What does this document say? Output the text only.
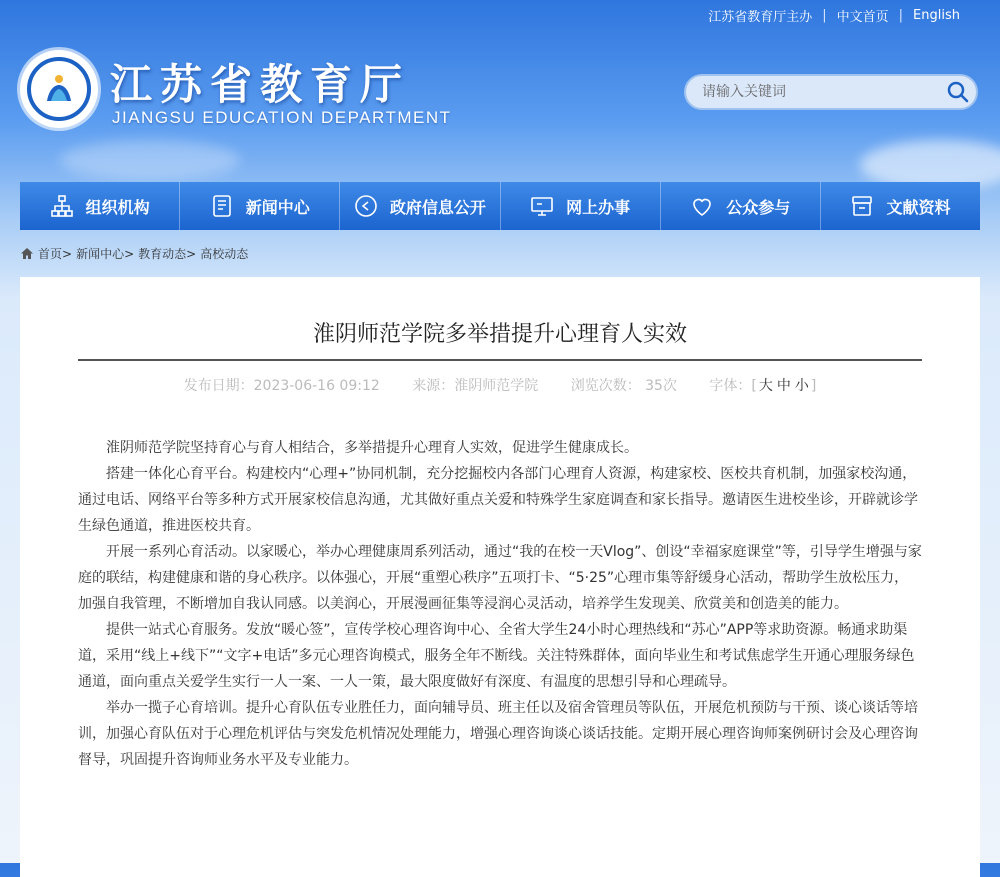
江苏省教育厅主办 | 中文首页 | English
江苏省教育厅
JIANGSU EDUCATION DEPARTMENT
请输入关键词
组织机构	新闻中心	政府信息公开	网上办事	公众参与	文献资料
首页> 新闻中心> 教育动态> 高校动态
淮阴师范学院多举措提升心理育人实效
发布日期：2023-06-16 09:12 来源：淮阴师范学院 浏览次数： 35次 字体：[ 大 中 小 ]

淮阴师范学院坚持育心与育人相结合，多举措提升心理育人实效，促进学生健康成长。

搭建一体化心育平台。构建校内“心理+”协同机制，充分挖掘校内各部门心理育人资源，构建家校、医校共育机制，加强家校沟通，通过电话、网络平台等多种方式开展家校信息沟通，尤其做好重点关爱和特殊学生家庭调查和家长指导。邀请医生进校坐诊，开辟就诊学生绿色通道，推进医校共育。

开展一系列心育活动。以家暖心，举办心理健康周系列活动，通过“我的在校一天Vlog”、创设“幸福家庭课堂”等，引导学生增强与家庭的联结，构建健康和谐的身心秩序。以体强心，开展“重塑心秩序”五项打卡、“5·25”心理市集等舒缓身心活动，帮助学生放松压力，加强自我管理，不断增加自我认同感。以美润心，开展漫画征集等浸润心灵活动，培养学生发现美、欣赏美和创造美的能力。

提供一站式心育服务。发放“暖心签”，宣传学校心理咨询中心、全省大学生24小时心理热线和“苏心”APP等求助资源。畅通求助渠道，采用“线上+线下”“文字+电话”多元心理咨询模式，服务全年不断线。关注特殊群体，面向毕业生和考试焦虑学生开通心理服务绿色通道，面向重点关爱学生实行一人一案、一人一策，最大限度做好有深度、有温度的思想引导和心理疏导。

举办一揽子心育培训。提升心育队伍专业胜任力，面向辅导员、班主任以及宿舍管理员等队伍，开展危机预防与干预、谈心谈话等培训，加强心育队伍对于心理危机评估与突发危机情况处理能力，增强心理咨询谈心谈话技能。定期开展心理咨询师案例研讨会及心理咨询督导，巩固提升咨询师业务水平及专业能力。
